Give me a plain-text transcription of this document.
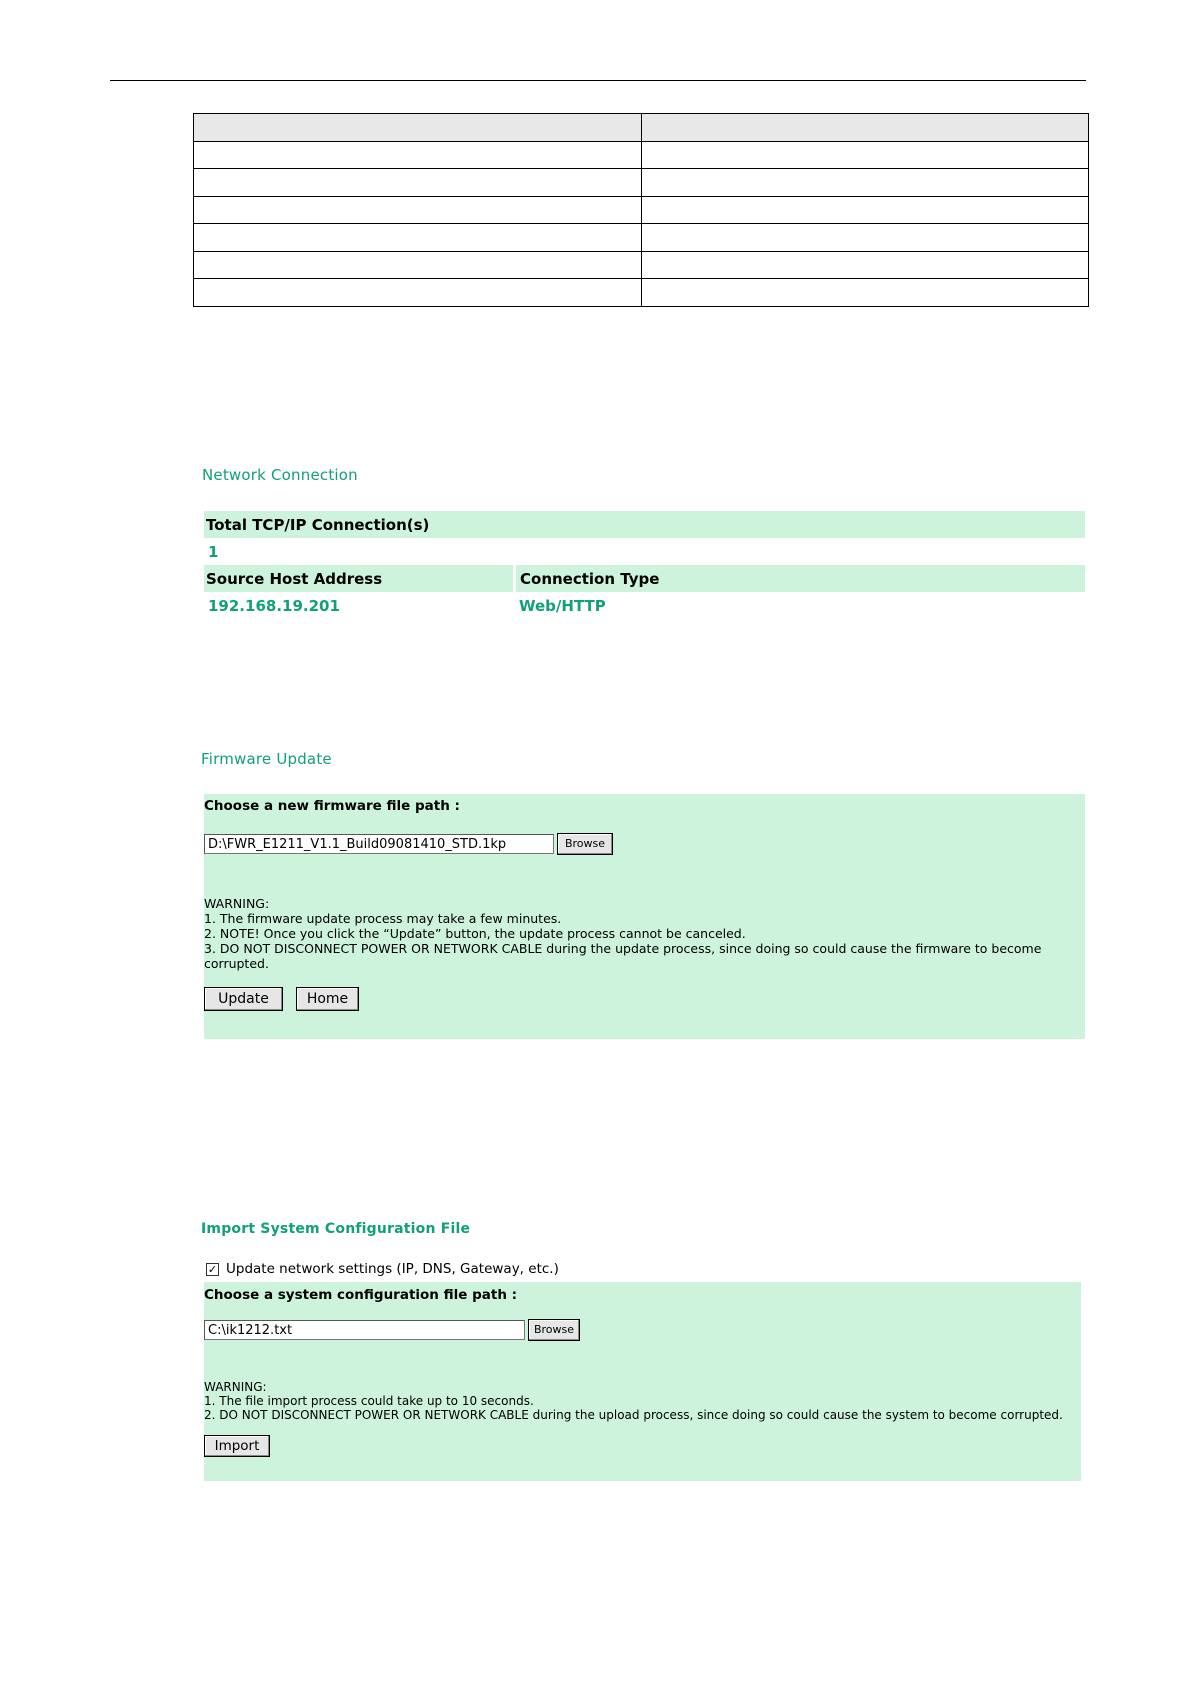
Network Connection
Total TCP/IP Connection(s)
1
Source Host Address	Connection Type
192.168.19.201	Web/HTTP
Firmware Update
Choose a new firmware file path :
D:\FWR_E1211_V1.1_Build09081410_STD.1kp	Browse
WARNING:
1. The firmware update process may take a few minutes.
2. NOTE! Once you click the “Update” button, the update process cannot be canceled.
3. DO NOT DISCONNECT POWER OR NETWORK CABLE during the update process, since doing so could cause the firmware to become
corrupted.
Update	Home
Import System Configuration File
✓ Update network settings (IP, DNS, Gateway, etc.)
Choose a system configuration file path :
C:\ik1212.txt	Browse
WARNING:
1. The file import process could take up to 10 seconds.
2. DO NOT DISCONNECT POWER OR NETWORK CABLE during the upload process, since doing so could cause the system to become corrupted.
Import
